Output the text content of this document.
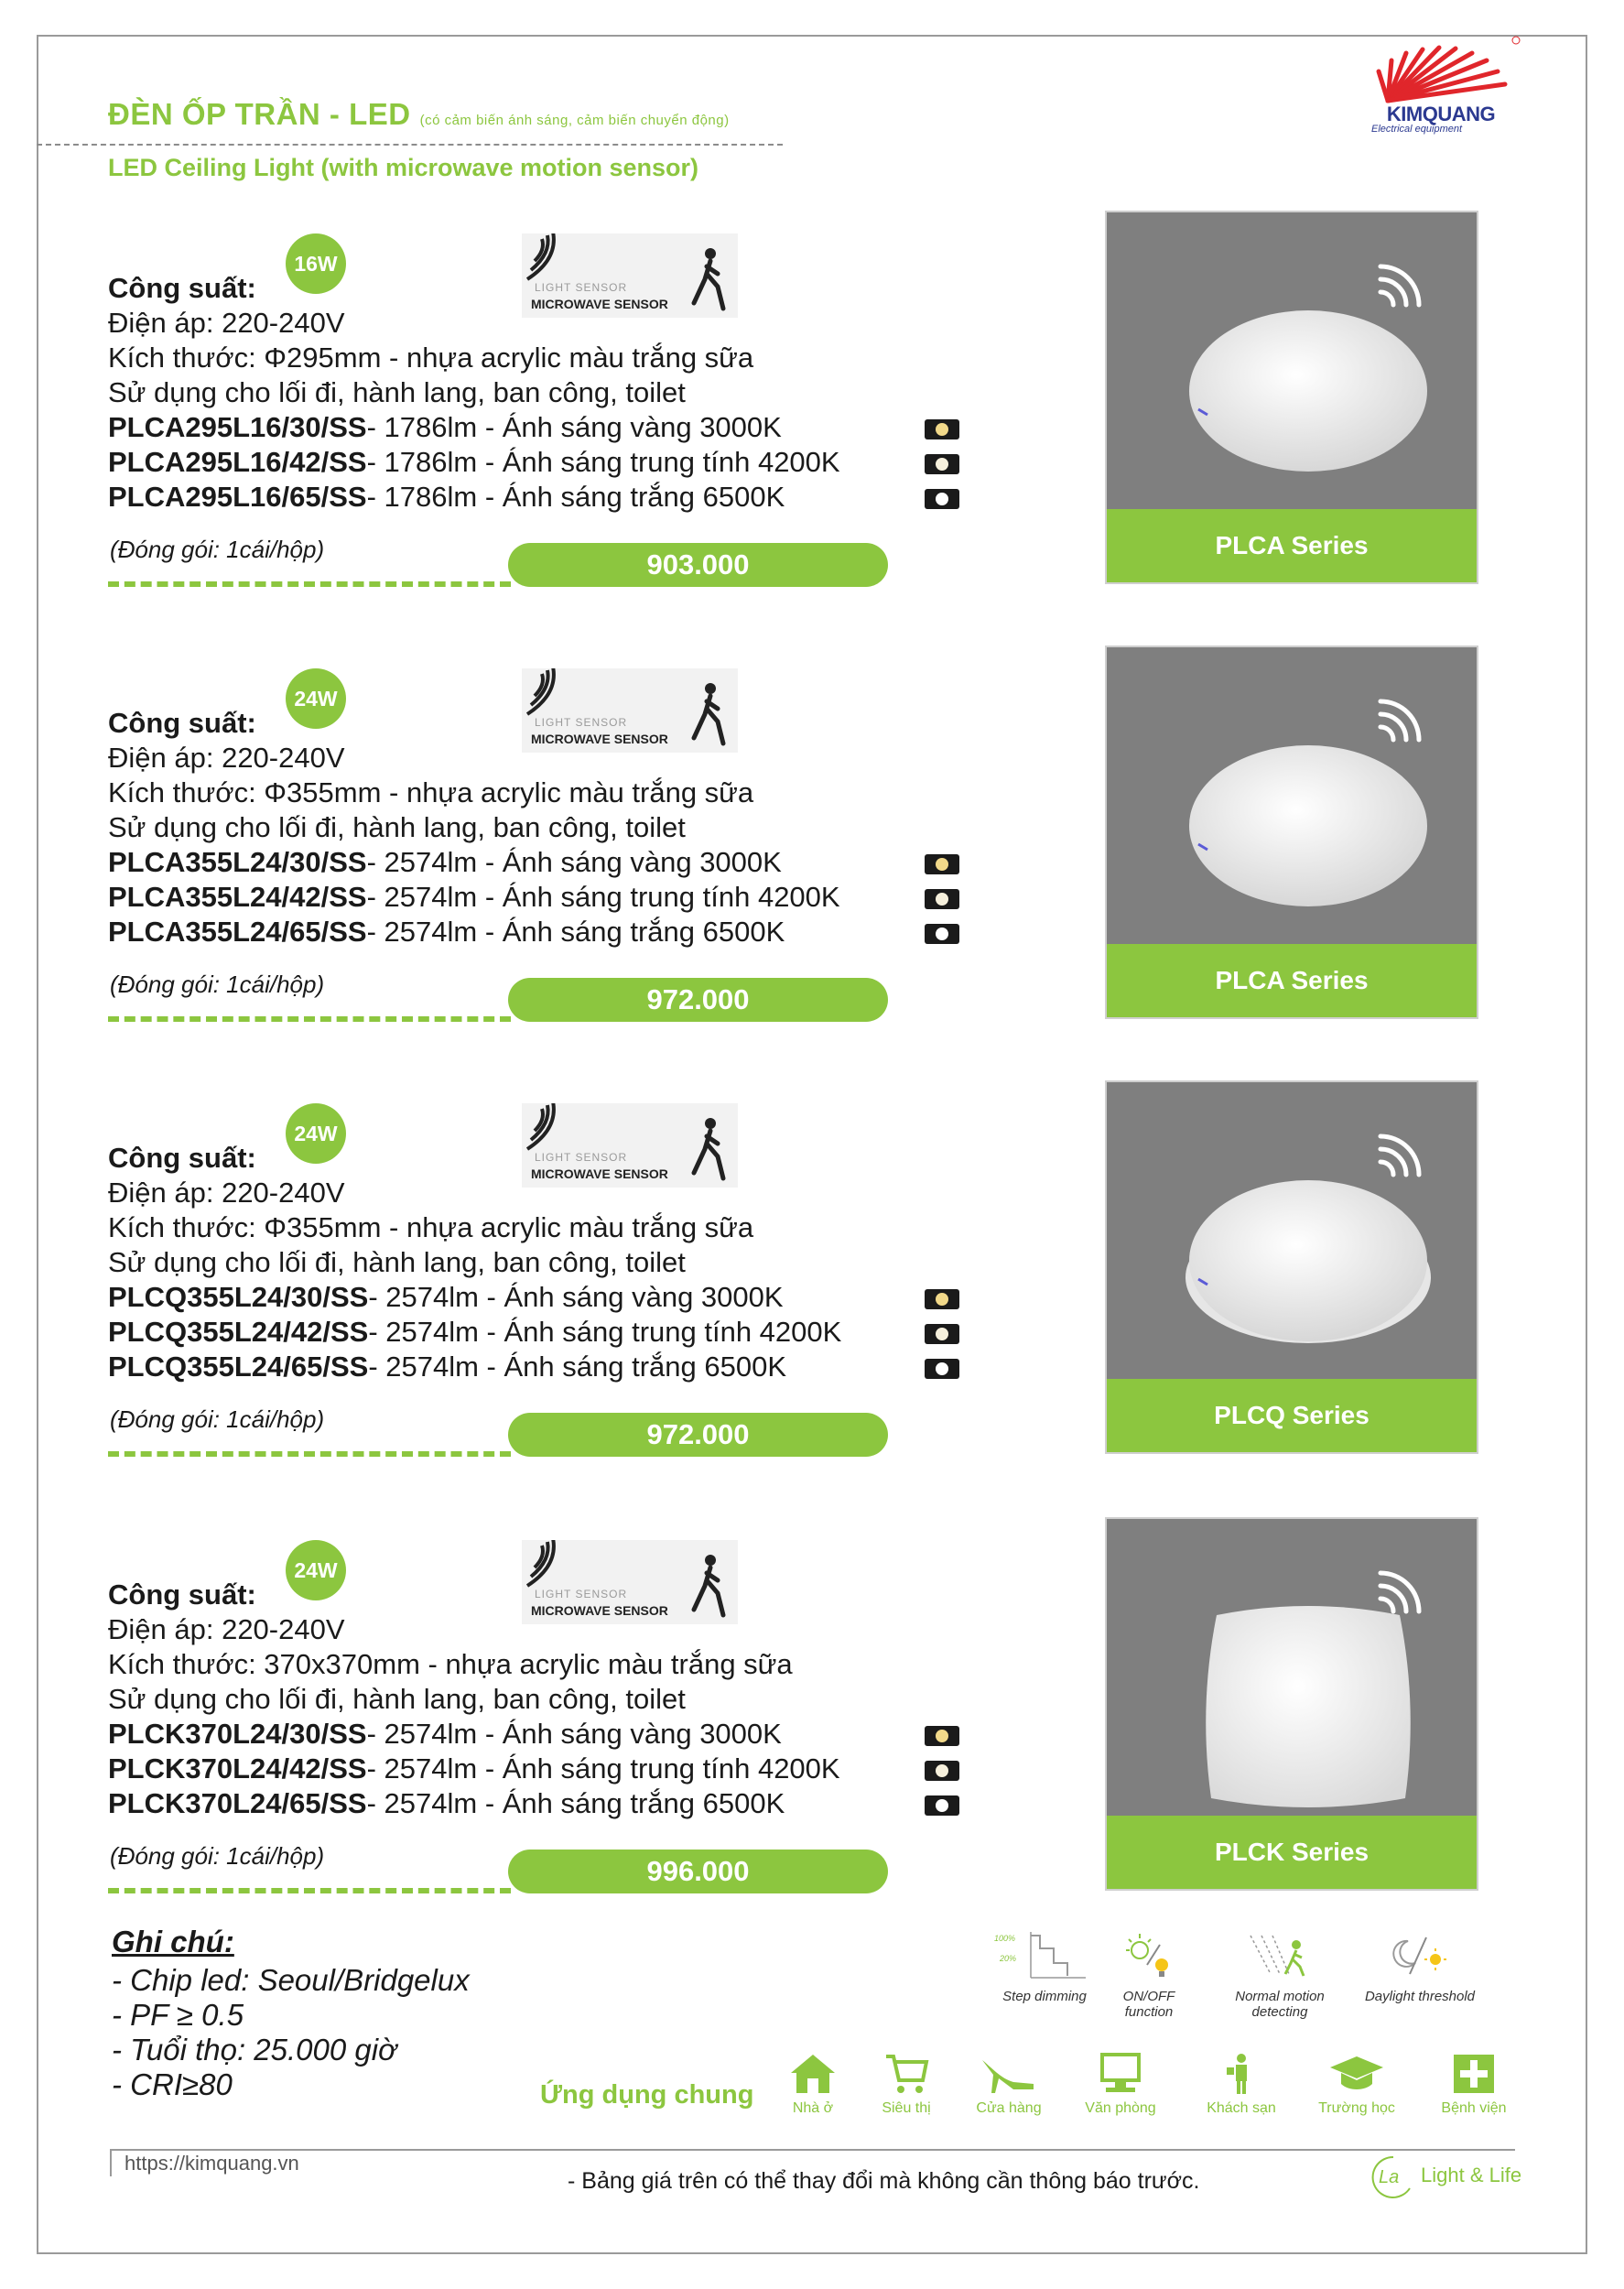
ĐÈN ỐP TRẦN - LED (có cảm biến ánh sáng, cảm biến chuyển động)
LED Ceiling Light (with microwave motion sensor)
KIMQUANG
Electrical equipment
16W
LIGHT SENSOR
MICROWAVE SENSOR
Công suất:
Điện áp: 220-240V
Kích thước: Φ295mm - nhựa acrylic màu trắng sữa
Sử dụng cho lối đi, hành lang, ban công, toilet
PLCA295L16/30/SS- 1786lm - Ánh sáng vàng 3000K
PLCA295L16/42/SS- 1786lm - Ánh sáng trung tính 4200K
PLCA295L16/65/SS- 1786lm - Ánh sáng trắng 6500K
(Đóng gói: 1cái/hộp)	903.000
PLCA Series
24W
LIGHT SENSOR
MICROWAVE SENSOR
Công suất:
Điện áp: 220-240V
Kích thước: Φ355mm - nhựa acrylic màu trắng sữa
Sử dụng cho lối đi, hành lang, ban công, toilet
PLCA355L24/30/SS- 2574lm - Ánh sáng vàng 3000K
PLCA355L24/42/SS- 2574lm - Ánh sáng trung tính 4200K
PLCA355L24/65/SS- 2574lm - Ánh sáng trắng 6500K
(Đóng gói: 1cái/hộp)	972.000
PLCA Series
24W
LIGHT SENSOR
MICROWAVE SENSOR
Công suất:
Điện áp: 220-240V
Kích thước: Φ355mm - nhựa acrylic màu trắng sữa
Sử dụng cho lối đi, hành lang, ban công, toilet
PLCQ355L24/30/SS- 2574lm - Ánh sáng vàng 3000K
PLCQ355L24/42/SS- 2574lm - Ánh sáng trung tính 4200K
PLCQ355L24/65/SS- 2574lm - Ánh sáng trắng 6500K
(Đóng gói: 1cái/hộp)	972.000
PLCQ Series
24W
LIGHT SENSOR
MICROWAVE SENSOR
Công suất:
Điện áp: 220-240V
Kích thước: 370x370mm - nhựa acrylic màu trắng sữa
Sử dụng cho lối đi, hành lang, ban công, toilet
PLCK370L24/30/SS- 2574lm - Ánh sáng vàng 3000K
PLCK370L24/42/SS- 2574lm - Ánh sáng trung tính 4200K
PLCK370L24/65/SS- 2574lm - Ánh sáng trắng 6500K
(Đóng gói: 1cái/hộp)	996.000
PLCK Series
Ghi chú:
- Chip led: Seoul/Bridgelux
- PF ≥ 0.5
- Tuổi thọ: 25.000 giờ
- CRI≥80
100%
20%
Step dimming	ON/OFF function
Normal motion detecting
Daylight threshold
Ứng dụng chung	Nhà ở	Siêu thị	Cửa hàng	Văn phòng	Khách sạn	Trường học	Bệnh viện
https://kimquang.vn
- Bảng giá trên có thể thay đổi mà không cần thông báo trước.	La Light & Life
